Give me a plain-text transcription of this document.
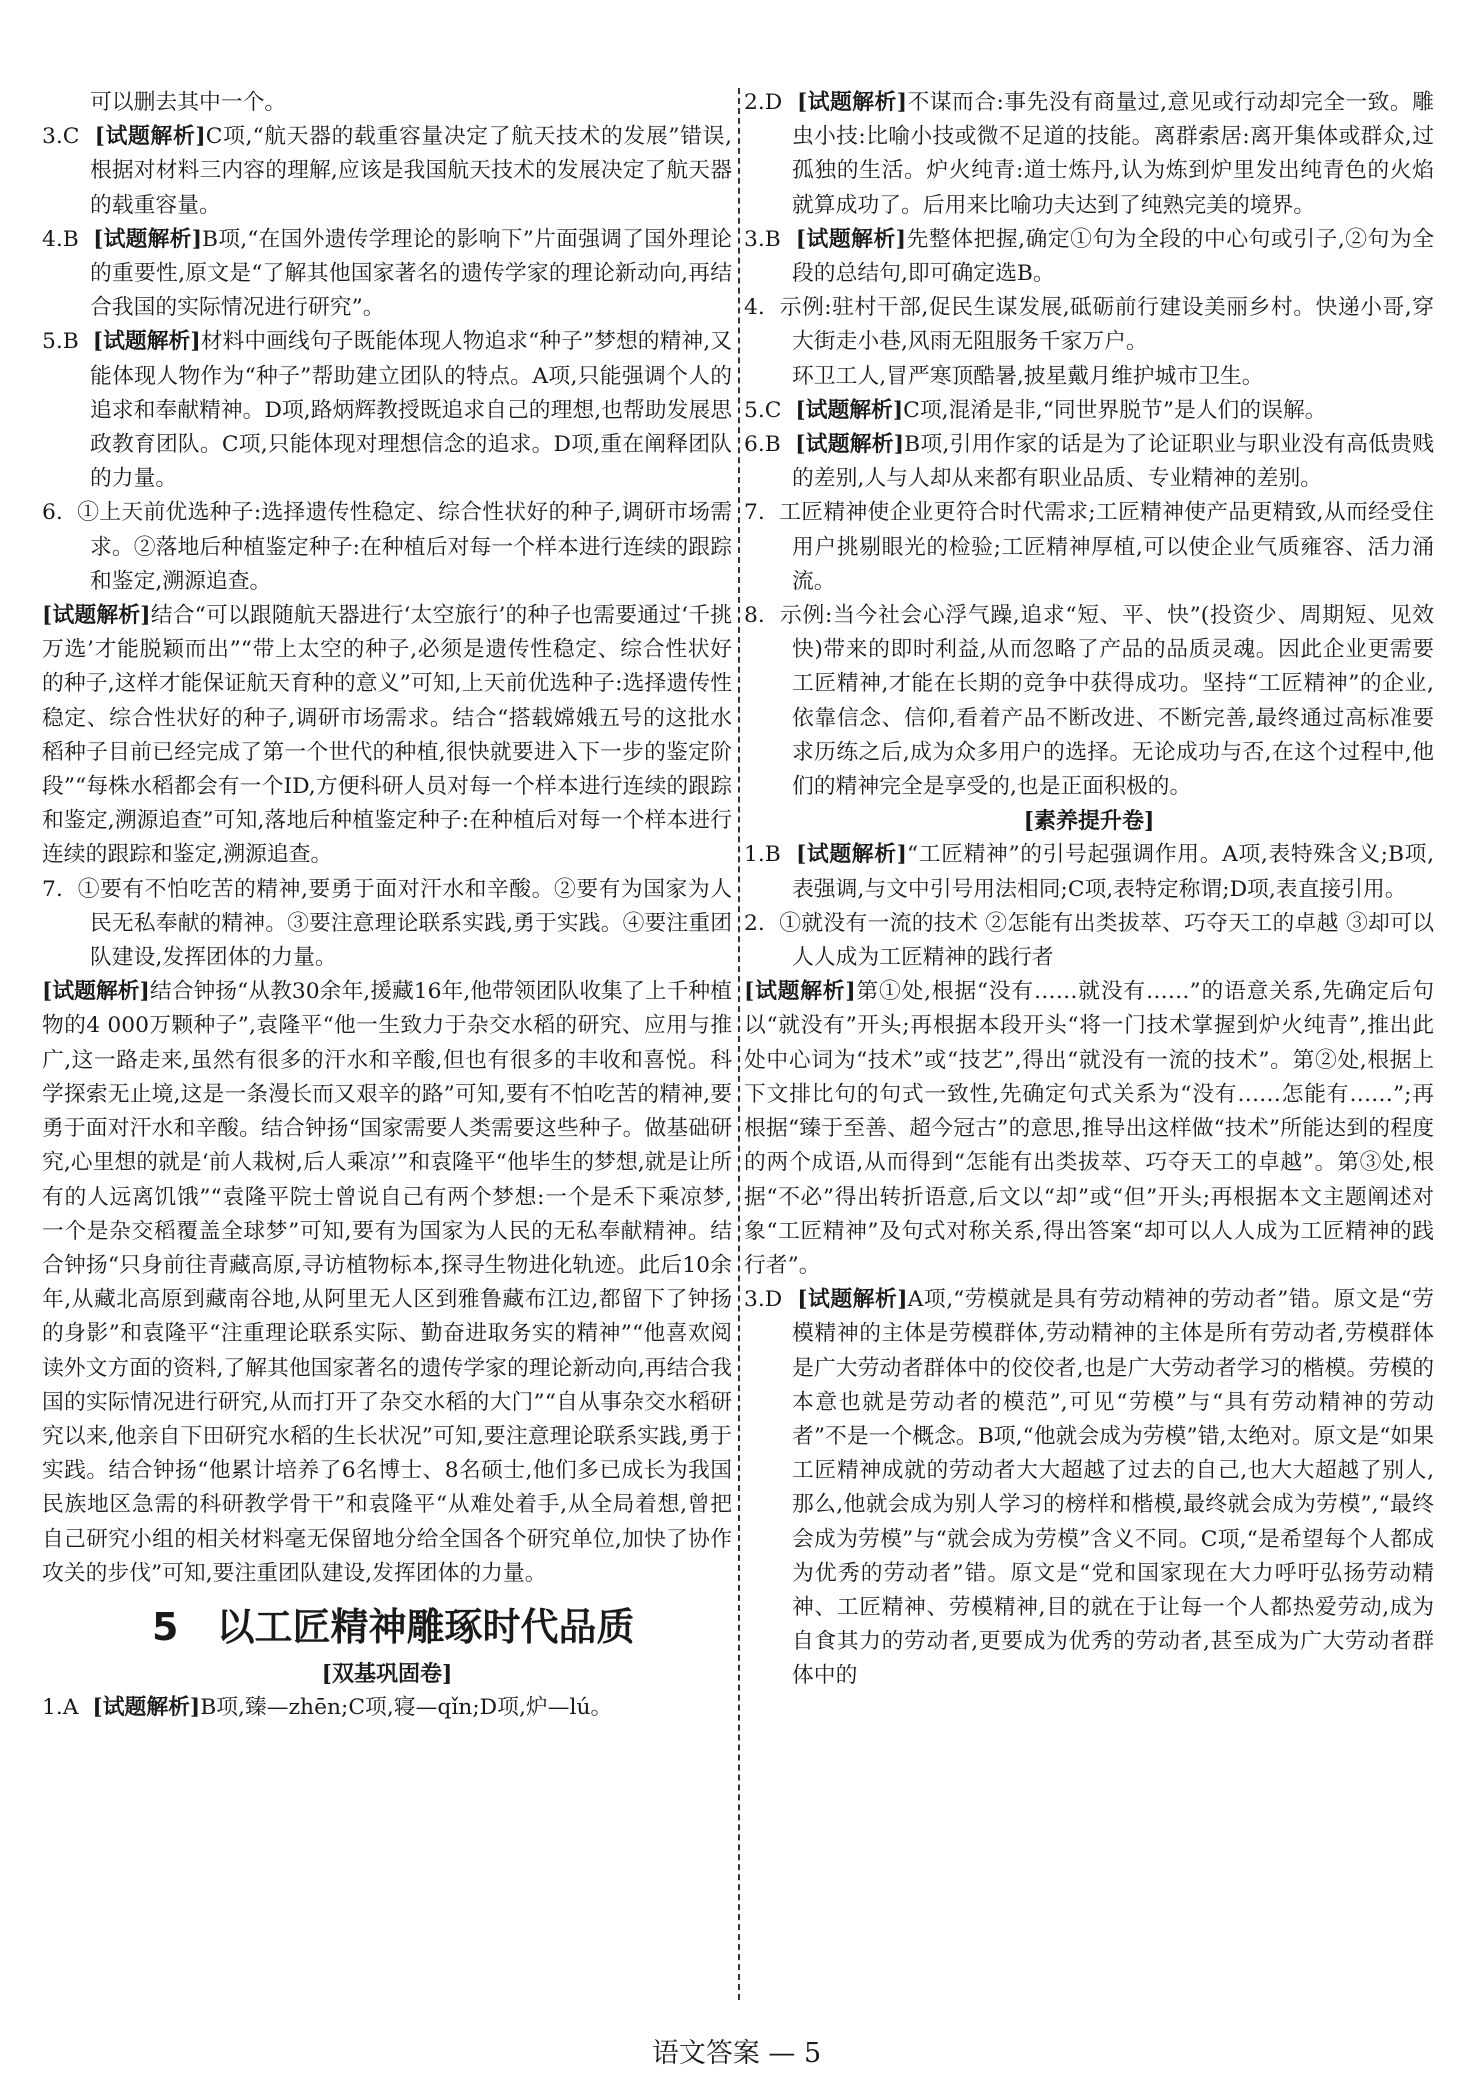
可以删去其中一个。

3.C  [试题解析]C项,“航天器的载重容量决定了航天技术的发展”错误,根据对材料三内容的理解,应该是我国航天技术的发展决定了航天器的载重容量。

4.B  [试题解析]B项,“在国外遗传学理论的影响下”片面强调了国外理论的重要性,原文是“了解其他国家著名的遗传学家的理论新动向,再结合我国的实际情况进行研究”。

5.B  [试题解析]材料中画线句子既能体现人物追求“种子”梦想的精神,又能体现人物作为“种子”帮助建立团队的特点。A项,只能强调个人的追求和奉献精神。D项,路炳辉教授既追求自己的理想,也帮助发展思政教育团队。C项,只能体现对理想信念的追求。D项,重在阐释团队的力量。

6.  ①上天前优选种子:选择遗传性稳定、综合性状好的种子,调研市场需求。②落地后种植鉴定种子:在种植后对每一个样本进行连续的跟踪和鉴定,溯源追查。

[试题解析]结合“可以跟随航天器进行‘太空旅行’的种子也需要通过‘千挑万选’才能脱颖而出”“带上太空的种子,必须是遗传性稳定、综合性状好的种子,这样才能保证航天育种的意义”可知,上天前优选种子:选择遗传性稳定、综合性状好的种子,调研市场需求。结合“搭载嫦娥五号的这批水稻种子目前已经完成了第一个世代的种植,很快就要进入下一步的鉴定阶段”“每株水稻都会有一个ID,方便科研人员对每一个样本进行连续的跟踪和鉴定,溯源追查”可知,落地后种植鉴定种子:在种植后对每一个样本进行连续的跟踪和鉴定,溯源追查。

7.  ①要有不怕吃苦的精神,要勇于面对汗水和辛酸。②要有为国家为人民无私奉献的精神。③要注意理论联系实践,勇于实践。④要注重团队建设,发挥团体的力量。

[试题解析]结合钟扬“从教30余年,援藏16年,他带领团队收集了上千种植物的4 000万颗种子”,袁隆平“他一生致力于杂交水稻的研究、应用与推广,这一路走来,虽然有很多的汗水和辛酸,但也有很多的丰收和喜悦。科学探索无止境,这是一条漫长而又艰辛的路”可知,要有不怕吃苦的精神,要勇于面对汗水和辛酸。结合钟扬“国家需要人类需要这些种子。做基础研究,心里想的就是‘前人栽树,后人乘凉’”和袁隆平“他毕生的梦想,就是让所有的人远离饥饿”“袁隆平院士曾说自己有两个梦想:一个是禾下乘凉梦,一个是杂交稻覆盖全球梦”可知,要有为国家为人民的无私奉献精神。结合钟扬“只身前往青藏高原,寻访植物标本,探寻生物进化轨迹。此后10余年,从藏北高原到藏南谷地,从阿里无人区到雅鲁藏布江边,都留下了钟扬的身影”和袁隆平“注重理论联系实际、勤奋进取务实的精神”“他喜欢阅读外文方面的资料,了解其他国家著名的遗传学家的理论新动向,再结合我国的实际情况进行研究,从而打开了杂交水稻的大门”“自从事杂交水稻研究以来,他亲自下田研究水稻的生长状况”可知,要注意理论联系实践,勇于实践。结合钟扬“他累计培养了6名博士、8名硕士,他们多已成长为我国民族地区急需的科研教学骨干”和袁隆平“从难处着手,从全局着想,曾把自己研究小组的相关材料毫无保留地分给全国各个研究单位,加快了协作攻关的步伐”可知,要注重团队建设,发挥团体的力量。

5 以工匠精神雕琢时代品质

[双基巩固卷]

1.A  [试题解析]B项,臻—zhēn;C项,寝—qǐn;D项,炉—lú。

2.D  [试题解析]不谋而合:事先没有商量过,意见或行动却完全一致。雕虫小技:比喻小技或微不足道的技能。离群索居:离开集体或群众,过孤独的生活。炉火纯青:道士炼丹,认为炼到炉里发出纯青色的火焰就算成功了。后用来比喻功夫达到了纯熟完美的境界。

3.B  [试题解析]先整体把握,确定①句为全段的中心句或引子,②句为全段的总结句,即可确定选B。

4.  示例:驻村干部,促民生谋发展,砥砺前行建设美丽乡村。快递小哥,穿大街走小巷,风雨无阻服务千家万户。

环卫工人,冒严寒顶酷暑,披星戴月维护城市卫生。

5.C  [试题解析]C项,混淆是非,“同世界脱节”是人们的误解。

6.B  [试题解析]B项,引用作家的话是为了论证职业与职业没有高低贵贱的差别,人与人却从来都有职业品质、专业精神的差别。

7.  工匠精神使企业更符合时代需求;工匠精神使产品更精致,从而经受住用户挑剔眼光的检验;工匠精神厚植,可以使企业气质雍容、活力涌流。

8.  示例:当今社会心浮气躁,追求“短、平、快”(投资少、周期短、见效快)带来的即时利益,从而忽略了产品的品质灵魂。因此企业更需要工匠精神,才能在长期的竞争中获得成功。坚持“工匠精神”的企业,依靠信念、信仰,看着产品不断改进、不断完善,最终通过高标准要求历练之后,成为众多用户的选择。无论成功与否,在这个过程中,他们的精神完全是享受的,也是正面积极的。

[素养提升卷]

1.B  [试题解析]“工匠精神”的引号起强调作用。A项,表特殊含义;B项,表强调,与文中引号用法相同;C项,表特定称谓;D项,表直接引用。

2.  ①就没有一流的技术 ②怎能有出类拔萃、巧夺天工的卓越 ③却可以人人成为工匠精神的践行者

[试题解析]第①处,根据“没有……就没有……”的语意关系,先确定后句以“就没有”开头;再根据本段开头“将一门技术掌握到炉火纯青”,推出此处中心词为“技术”或“技艺”,得出“就没有一流的技术”。第②处,根据上下文排比句的句式一致性,先确定句式关系为“没有……怎能有……”;再根据“臻于至善、超今冠古”的意思,推导出这样做“技术”所能达到的程度的两个成语,从而得到“怎能有出类拔萃、巧夺天工的卓越”。第③处,根据“不必”得出转折语意,后文以“却”或“但”开头;再根据本文主题阐述对象“工匠精神”及句式对称关系,得出答案“却可以人人成为工匠精神的践行者”。

3.D  [试题解析]A项,“劳模就是具有劳动精神的劳动者”错。原文是“劳模精神的主体是劳模群体,劳动精神的主体是所有劳动者,劳模群体是广大劳动者群体中的佼佼者,也是广大劳动者学习的楷模。劳模的本意也就是劳动者的模范”,可见“劳模”与“具有劳动精神的劳动者”不是一个概念。B项,“他就会成为劳模”错,太绝对。原文是“如果工匠精神成就的劳动者大大超越了过去的自己,也大大超越了别人,那么,他就会成为别人学习的榜样和楷模,最终就会成为劳模”,“最终会成为劳模”与“就会成为劳模”含义不同。C项,“是希望每个人都成为优秀的劳动者”错。原文是“党和国家现在大力呼吁弘扬劳动精神、工匠精神、劳模精神,目的就在于让每一个人都热爱劳动,成为自食其力的劳动者,更要成为优秀的劳动者,甚至成为广大劳动者群体中的

语文答案 — 5
